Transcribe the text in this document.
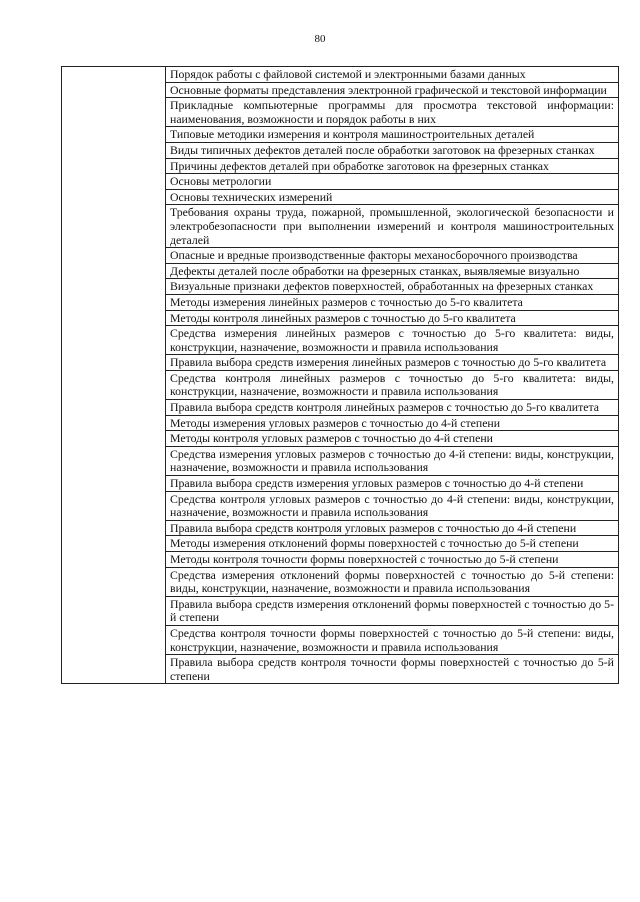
80
	Порядок работы с файловой системой и электронными базами данных
Основные форматы представления электронной графической и текстовой информации
Прикладные компьютерные программы для просмотра текстовой информации: наименования, возможности и порядок работы в них
Типовые методики измерения и контроля машиностроительных деталей
Виды типичных дефектов деталей после обработки заготовок на фрезерных станках
Причины дефектов деталей при обработке заготовок на фрезерных станках
Основы метрологии
Основы технических измерений
Требования охраны труда, пожарной, промышленной, экологической безопасности и электробезопасности при выполнении измерений и контроля машиностроительных деталей
Опасные и вредные производственные факторы механосборочного производства
Дефекты деталей после обработки на фрезерных станках, выявляемые визуально
Визуальные признаки дефектов поверхностей, обработанных на фрезерных станках
Методы измерения линейных размеров с точностью до 5-го квалитета
Методы контроля линейных размеров с точностью до 5-го квалитета
Средства измерения линейных размеров с точностью до 5-го квалитета: виды, конструкции, назначение, возможности и правила использования
Правила выбора средств измерения линейных размеров с точностью до 5-го квалитета
Средства контроля линейных размеров с точностью до 5-го квалитета: виды, конструкции, назначение, возможности и правила использования
Правила выбора средств контроля линейных размеров с точностью до 5-го квалитета
Методы измерения угловых размеров с точностью до 4-й степени
Методы контроля угловых размеров с точностью до 4-й степени
Средства измерения угловых размеров с точностью до 4-й степени: виды, конструкции, назначение, возможности и правила использования
Правила выбора средств измерения угловых размеров с точностью до 4-й степени
Средства контроля угловых размеров с точностью до 4-й степени: виды, конструкции, назначение, возможности и правила использования
Правила выбора средств контроля угловых размеров с точностью до 4-й степени
Методы измерения отклонений формы поверхностей с точностью до 5-й степени
Методы контроля точности формы поверхностей с точностью до 5-й степени
Средства измерения отклонений формы поверхностей с точностью до 5-й степени: виды, конструкции, назначение, возможности и правила использования
Правила выбора средств измерения отклонений формы поверхностей с точностью до 5-й степени
Средства контроля точности формы поверхностей с точностью до 5-й степени: виды, конструкции, назначение, возможности и правила использования
Правила выбора средств контроля точности формы поверхностей с точностью до 5-й степени
